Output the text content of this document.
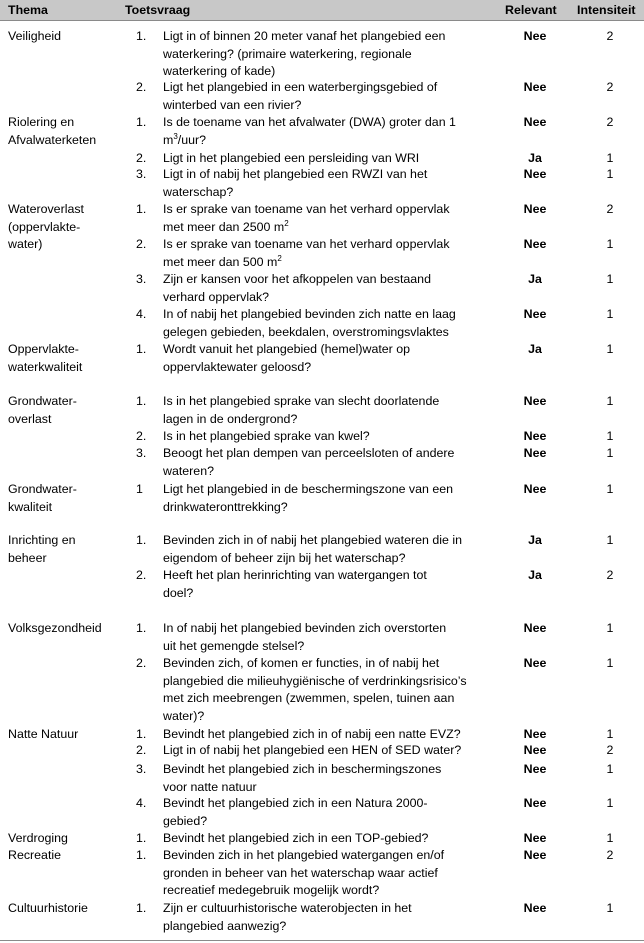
Thema	Toetsvraag	Relevant Intensiteit
Veiligheid	1. Ligt in of binnen 20 meter vanaf het plangebied een
waterkering? (primaire waterkering, regionale
waterkering of kade)
Nee	2
2. Ligt het plangebied in een waterbergingsgebied of
winterbed van een rivier?
Nee	2
Riolering en
Afvalwaterketen
1. Is de toename van het afvalwater (DWA) groter dan 1
$m^3$/uur?
Nee	2
2. Ligt in het plangebied een persleiding van WRI	Ja	1
3. Ligt in of nabij het plangebied een RWZI van het
waterschap?
Nee	1
Wateroverlast
(oppervlakte-
water)
1. Is er sprake van toename van het verhard oppervlak
met meer dan 2500 $m^2$
Nee	2
2. Is er sprake van toename van het verhard oppervlak
met meer dan 500 $m^2$
Nee	1
3. Zijn er kansen voor het afkoppelen van bestaand
verhard oppervlak?
Ja	1
4. In of nabij het plangebied bevinden zich natte en laag
gelegen gebieden, beekdalen, overstromingsvlaktes
Nee	1
Oppervlakte-
waterkwaliteit
1. Wordt vanuit het plangebied (hemel)water op
oppervlaktewater geloosd?
Ja	1
Grondwater-
overlast
1. Is in het plangebied sprake van slecht doorlatende
lagen in de ondergrond?
Nee	1
2. Is in het plangebied sprake van kwel?	Nee	1
3. Beoogt het plan dempen van perceelsloten of andere
wateren?
Nee	1
Grondwater-
kwaliteit
1 Ligt het plangebied in de beschermingszone van een
drinkwateronttrekking?
Nee	1
Inrichting en
beheer
1. Bevinden zich in of nabij het plangebied wateren die in
eigendom of beheer zijn bij het waterschap?
Ja	1
2. Heeft het plan herinrichting van watergangen tot
doel?
Ja	2
Volksgezondheid	1. In of nabij het plangebied bevinden zich overstorten
uit het gemengde stelsel?
Nee	1
2. Bevinden zich, of komen er functies, in of nabij het
plangebied die milieuhygiënische of verdrinkingsrisico’s
met zich meebrengen (zwemmen, spelen, tuinen aan
water)?
Nee	1
Natte Natuur	1. Bevindt het plangebied zich in of nabij een natte EVZ?	Nee	1
2. Ligt in of nabij het plangebied een HEN of SED water?	Nee	2
3. Bevindt het plangebied zich in beschermingszones
voor natte natuur
Nee	1
4. Bevindt het plangebied zich in een Natura 2000-
gebied?
Nee	1
Verdroging	1. Bevindt het plangebied zich in een TOP-gebied?	Nee	1
Recreatie	1. Bevinden zich in het plangebied watergangen en/of
gronden in beheer van het waterschap waar actief
recreatief medegebruik mogelijk wordt?
Nee	2
Cultuurhistorie	1. Zijn er cultuurhistorische waterobjecten in het
plangebied aanwezig?
Nee	1
